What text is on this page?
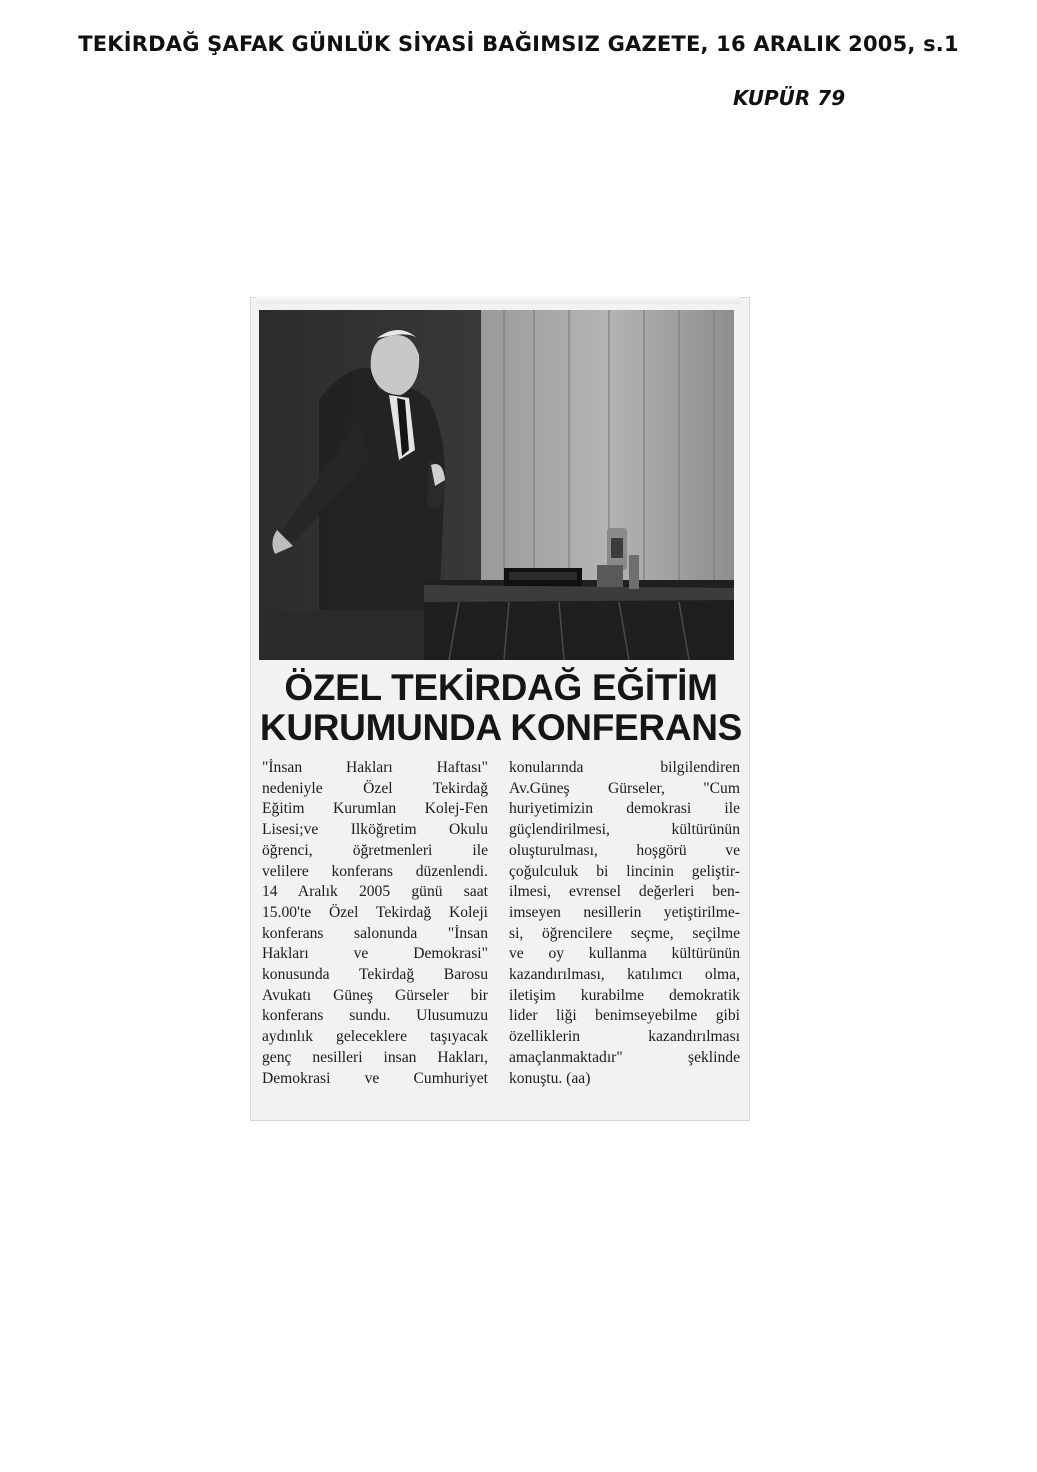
TEKİRDAĞ ŞAFAK GÜNLÜK SİYASİ BAĞIMSIZ GAZETE, 16 ARALIK 2005, s.1
KUPÜR 79
ÖZEL TEKİRDAĞ EĞİTİM
KURUMUNDA KONFERANS
"İnsan Hakları Haftası"
nedeniyle Özel Tekirdağ
Eğitim Kurumlan Kolej-Fen
Lisesi;ve Ilköğretim Okulu
öğrenci, öğretmenleri ile
velilere konferans düzenlendi.
14 Aralık 2005 günü saat
15.00'te Özel Tekirdağ Koleji
konferans salonunda "İnsan
Hakları ve Demokrasi"
konusunda Tekirdağ Barosu
Avukatı Güneş Gürseler bir
konferans sundu. Ulusumuzu
aydınlık geleceklere taşıyacak
genç nesilleri insan Hakları,
Demokrasi ve Cumhuriyet
konularında bilgilendiren
Av.Güneş Gürseler, "Cum
huriyetimizin demokrasi ile
güçlendirilmesi, kültürünün
oluşturulması, hoşgörü ve
çoğulculuk bi lincinin geliştir-
ilmesi, evrensel değerleri ben-
imseyen nesillerin yetiştirilme-
si, öğrencilere seçme, seçilme
ve oy kullanma kültürünün
kazandırılması, katılımcı olma,
iletişim kurabilme demokratik
lider liği benimseyebilme gibi
özelliklerin kazandırılması
amaçlanmaktadır" şeklinde
konuştu. (aa)
